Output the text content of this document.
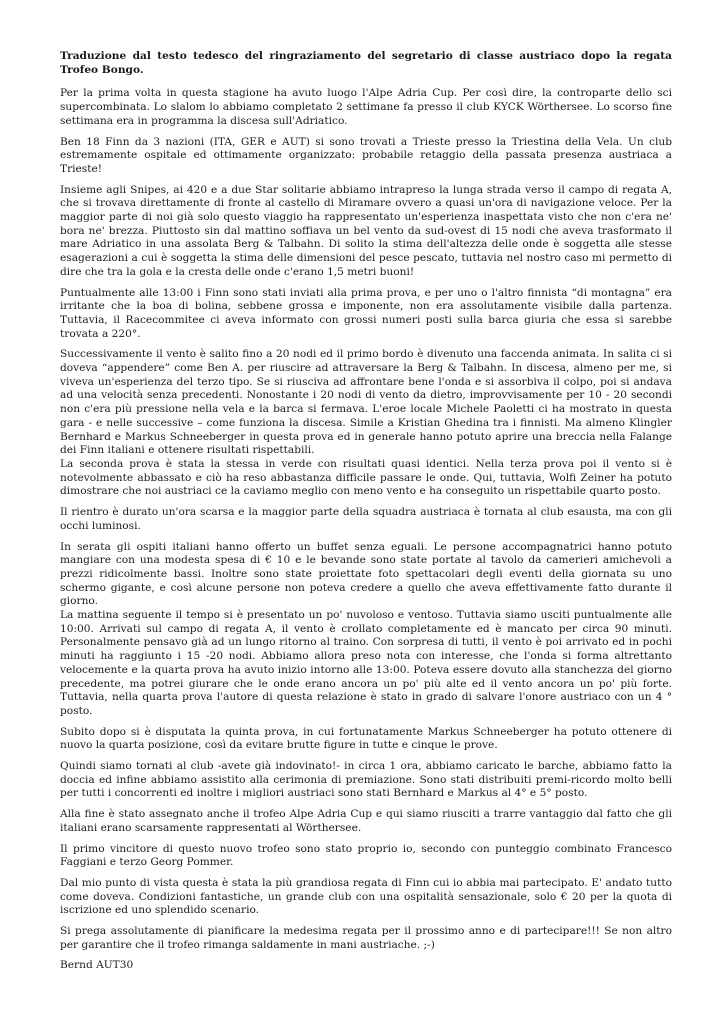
Traduzione dal testo tedesco del ringraziamento del segretario di classe austriaco dopo la regata Trofeo Bongo.

Per la prima volta in questa stagione ha avuto luogo l'Alpe Adria Cup. Per così dire, la controparte dello sci supercombinata. Lo slalom lo abbiamo completato 2 settimane fa presso il club KYCK Wörthersee. Lo scorso fine settimana era in programma la discesa sull'Adriatico.

Ben 18 Finn da 3 nazioni (ITA, GER e AUT) si sono trovati a Trieste presso la Triestina della Vela. Un club estremamente ospitale ed ottimamente organizzato: probabile retaggio della passata presenza austriaca a Trieste!

Insieme agli Snipes, ai 420 e a due Star solitarie abbiamo intrapreso la lunga strada verso il campo di regata A, che si trovava direttamente di fronte al castello di Miramare ovvero a quasi un'ora di navigazione veloce. Per la maggior parte di noi già solo questo viaggio ha rappresentato un'esperienza inaspettata visto che non c'era ne' bora ne' brezza. Piuttosto sin dal mattino soffiava un bel vento da sud-ovest di 15 nodi che aveva trasformato il mare Adriatico in una assolata Berg & Talbahn. Di solito la stima dell'altezza delle onde è soggetta alle stesse esagerazioni a cui è soggetta la stima delle dimensioni del pesce pescato, tuttavia nel nostro caso mi permetto di dire che tra la gola e la cresta delle onde c'erano 1,5 metri buoni!

Puntualmente alle 13:00 i Finn sono stati inviati alla prima prova, e per uno o l'altro finnista “di montagna” era irritante che la boa di bolina, sebbene grossa e imponente, non era assolutamente visibile dalla partenza. Tuttavia, il Racecommitee ci aveva informato con grossi numeri posti sulla barca giuria che essa si sarebbe trovata a 220°.

Successivamente il vento è salito fino a 20 nodi ed il primo bordo è divenuto una faccenda animata. In salita ci si doveva “appendere” come Ben A. per riuscire ad attraversare la Berg & Talbahn. In discesa, almeno per me, si viveva un'esperienza del terzo tipo. Se si riusciva ad affrontare bene l'onda e si assorbiva il colpo, poi si andava ad una velocità senza precedenti. Nonostante i 20 nodi di vento da dietro, improvvisamente per 10 - 20 secondi non c'era più pressione nella vela e la barca si fermava. L'eroe locale Michele Paoletti ci ha mostrato in questa gara - e nelle successive – come funziona la discesa. Simile a Kristian Ghedina tra i finnisti. Ma almeno Klingler Bernhard e Markus Schneeberger in questa prova ed in generale hanno potuto aprire una breccia nella Falange dei Finn italiani e ottenere risultati rispettabili.

La seconda prova è stata la stessa in verde con risultati quasi identici. Nella terza prova poi il vento si è notevolmente abbassato e ciò ha reso abbastanza difficile passare le onde. Qui, tuttavia, Wolfi Zeiner ha potuto dimostrare che noi austriaci ce la caviamo meglio con meno vento e ha conseguito un rispettabile quarto posto.

Il rientro è durato un'ora scarsa e la maggior parte della squadra austriaca è tornata al club esausta, ma con gli occhi luminosi.

In serata gli ospiti italiani hanno offerto un buffet senza eguali. Le persone accompagnatrici hanno potuto mangiare con una modesta spesa di € 10 e le bevande sono state portate al tavolo da camerieri amichevoli a prezzi ridicolmente bassi. Inoltre sono state proiettate foto spettacolari degli eventi della giornata su uno schermo gigante, e così alcune persone non poteva credere a quello che aveva effettivamente fatto durante il giorno.

La mattina seguente il tempo si è presentato un po' nuvoloso e ventoso. Tuttavia siamo usciti puntualmente alle 10:00. Arrivati sul campo di regata A, il vento è crollato completamente ed è mancato per circa 90 minuti. Personalmente pensavo già ad un lungo ritorno al traino. Con sorpresa di tutti, il vento è poi arrivato ed in pochi minuti ha raggiunto i 15 -20 nodi. Abbiamo allora preso nota con interesse, che l'onda si forma altrettanto velocemente e la quarta prova ha avuto inizio intorno alle 13:00. Poteva essere dovuto alla stanchezza del giorno precedente, ma potrei giurare che le onde erano ancora un po' più alte ed il vento ancora un po' più forte. Tuttavia, nella quarta prova l'autore di questa relazione è stato in grado di salvare l'onore austriaco con un 4 ° posto.

Subito dopo si è disputata la quinta prova, in cui fortunatamente Markus Schneeberger ha potuto ottenere di nuovo la quarta posizione, così da evitare brutte figure in tutte e cinque le prove.

Quindi siamo tornati al club -avete già indovinato!- in circa 1 ora, abbiamo caricato le barche, abbiamo fatto la doccia ed infine abbiamo assistito alla cerimonia di premiazione. Sono stati distribuiti premi-ricordo molto belli per tutti i concorrenti ed inoltre i migliori austriaci sono stati Bernhard e Markus al 4° e 5° posto.

Alla fine è stato assegnato anche il trofeo Alpe Adria Cup e qui siamo riusciti a trarre vantaggio dal fatto che gli italiani erano scarsamente rappresentati al Wörthersee.

Il primo vincitore di questo nuovo trofeo sono stato proprio io, secondo con punteggio combinato Francesco Faggiani e terzo Georg Pommer.

Dal mio punto di vista questa è stata la più grandiosa regata di Finn cui io abbia mai partecipato. E' andato tutto come doveva. Condizioni fantastiche, un grande club con una ospitalità sensazionale, solo € 20 per la quota di iscrizione ed uno splendido scenario.

Si prega assolutamente di pianificare la medesima regata per il prossimo anno e di partecipare!!! Se non altro per garantire che il trofeo rimanga saldamente in mani austriache. ;-)

Bernd AUT30
